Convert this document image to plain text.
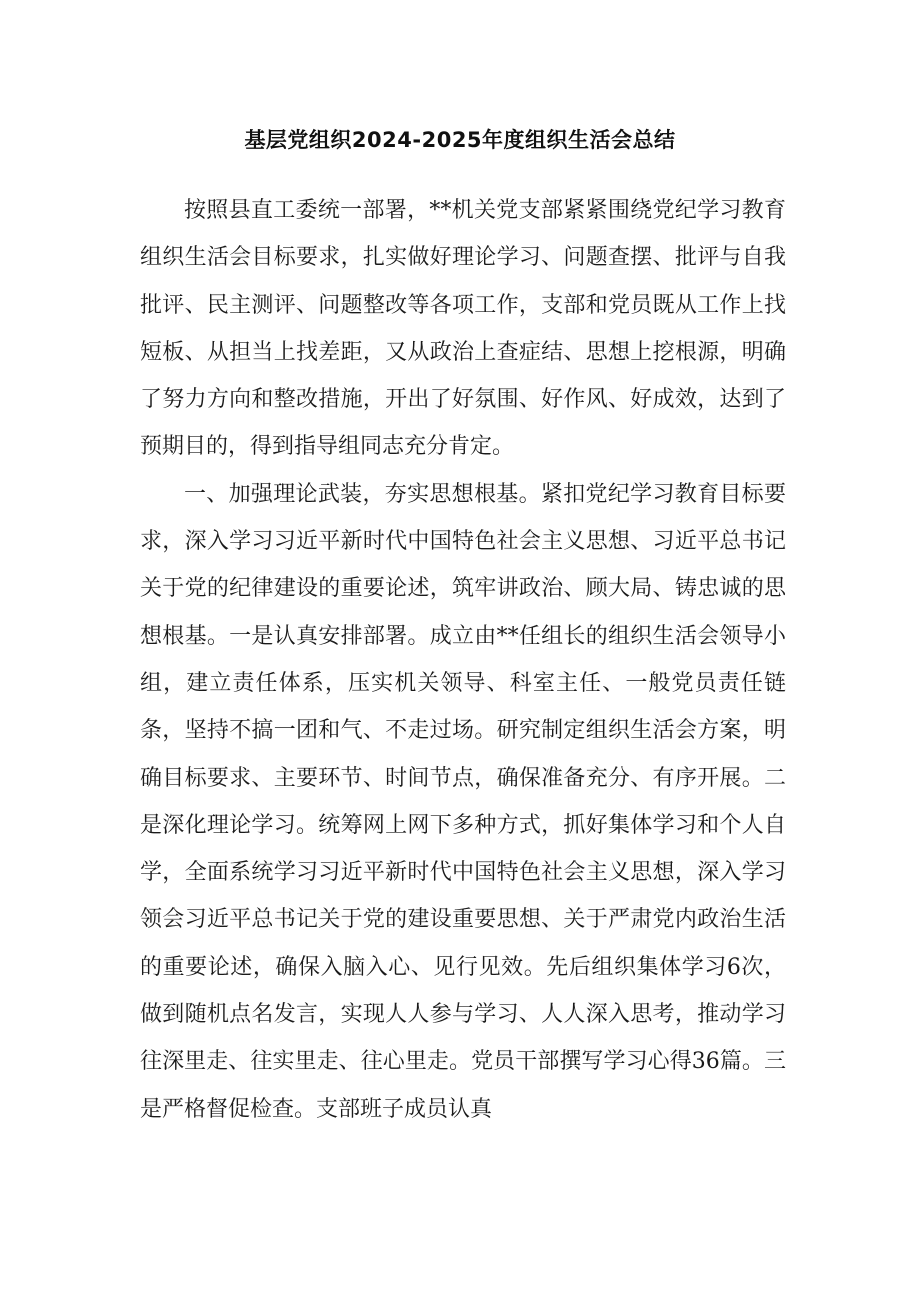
基层党组织2024-2025年度组织生活会总结

按照县直工委统一部署，**机关党支部紧紧围绕党纪学习教育组织生活会目标要求，扎实做好理论学习、问题查摆、批评与自我批评、民主测评、问题整改等各项工作，支部和党员既从工作上找短板、从担当上找差距，又从政治上查症结、思想上挖根源，明确了努力方向和整改措施，开出了好氛围、好作风、好成效，达到了预期目的，得到指导组同志充分肯定。

一、加强理论武装，夯实思想根基。紧扣党纪学习教育目标要求，深入学习习近平新时代中国特色社会主义思想、习近平总书记关于党的纪律建设的重要论述，筑牢讲政治、顾大局、铸忠诚的思想根基。一是认真安排部署。成立由**任组长的组织生活会领导小组，建立责任体系，压实机关领导、科室主任、一般党员责任链条，坚持不搞一团和气、不走过场。研究制定组织生活会方案，明确目标要求、主要环节、时间节点，确保准备充分、有序开展。二是深化理论学习。统筹网上网下多种方式，抓好集体学习和个人自学，全面系统学习习近平新时代中国特色社会主义思想，深入学习领会习近平总书记关于党的建设重要思想、关于严肃党内政治生活的重要论述，确保入脑入心、见行见效。先后组织集体学习6次，做到随机点名发言，实现人人参与学习、人人深入思考，推动学习往深里走、往实里走、往心里走。党员干部撰写学习心得36篇。三是严格督促检查。支部班子成员认真
